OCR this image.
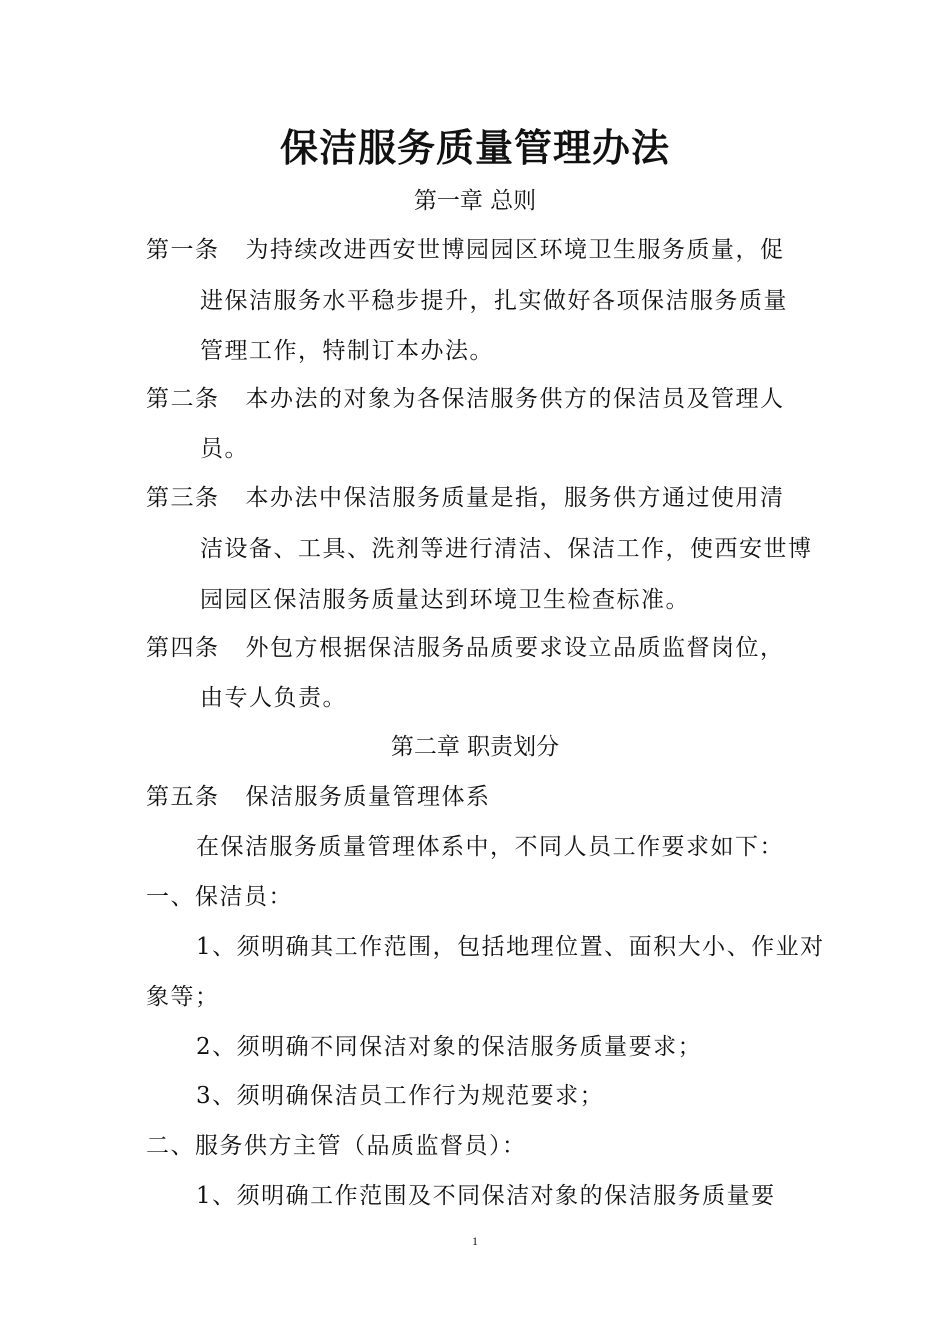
保洁服务质量管理办法
第一章 总则
第一条 为持续改进西安世博园园区环境卫生服务质量，促
进保洁服务水平稳步提升，扎实做好各项保洁服务质量
管理工作，特制订本办法。
第二条 本办法的对象为各保洁服务供方的保洁员及管理人
员。
第三条 本办法中保洁服务质量是指，服务供方通过使用清
洁设备、工具、洗剂等进行清洁、保洁工作，使西安世博
园园区保洁服务质量达到环境卫生检查标准。
第四条 外包方根据保洁服务品质要求设立品质监督岗位，
由专人负责。
第二章 职责划分
第五条 保洁服务质量管理体系
在保洁服务质量管理体系中，不同人员工作要求如下：
一、保洁员：
1、须明确其工作范围，包括地理位置、面积大小、作业对
象等；
2、须明确不同保洁对象的保洁服务质量要求；
3、须明确保洁员工作行为规范要求；
二、服务供方主管（品质监督员）：
1、须明确工作范围及不同保洁对象的保洁服务质量要
1
